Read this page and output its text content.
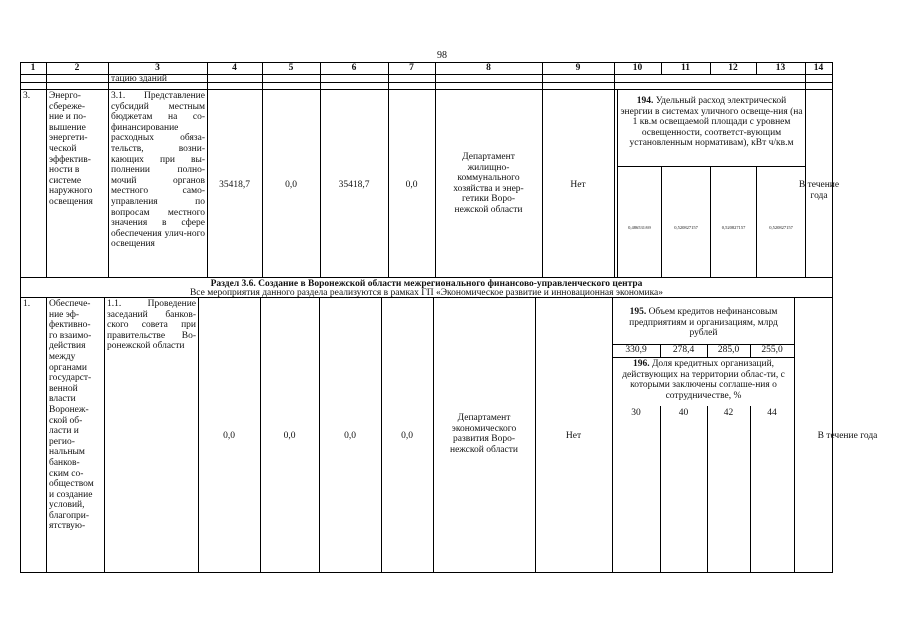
98
1	2	3	4	5	6	7	8	9	10	11	12	13	14
тацию зданий
3.	Энерго-
сбереже-
ние и по-
вышение
энергети-
ческой
эффектив-
ности в
системе
наружного
освещения
3.1. Представление субсидий местным бюджетам на со-финансирование расходных обяза-тельств, возни-кающих при вы-полнении полно-мочий органов местного само-управления по вопросам местного значения в сфере обеспечения улич-ного освещения
35418,7	0,0	35418,7	0,0
Департамент
жилищно-
коммунального
хозяйства и энер-
гетики Воро-
нежской области
Нет
194. Удельный расход электрической энергии в системах уличного освеще-ния (на 1 кв.м освещаемой площади с уровнем освещенности, соответст-вующим установленным нормативам), кВт ч/кв.м
0,486531/69	0,520827157	0,520827157	0,520827157
В течение
года
Раздел 3.6. Создание в Воронежской области межрегионального финансово-управленческого центра
Все мероприятия данного раздела реализуются в рамках ГП «Экономическое развитие и инновационная экономика»
1.	Обеспече-
ние эф-
фективно-
го взаимо-
действия
между
органами
государст-
венной
власти
Воронеж-
ской об-
ласти и
регио-
нальным
банков-
ским со-
обществом
и создание
условий,
благопри-
ятствую-
1.1. Проведение заседаний банков-ского совета при правительстве Во-ронежской области
0,0	0,0	0,0	0,0
Департамент
экономического
развития Воро-
нежской области
Нет
195. Объем кредитов нефинансовым предприятиям и организациям, млрд рублей
330,9	278,4	285,0	255,0
196. Доля кредитных организаций, действующих на территории облас-ти, с которыми заключены соглаше-ния о сотрудничестве, %
30	40	42	44
В течение года
